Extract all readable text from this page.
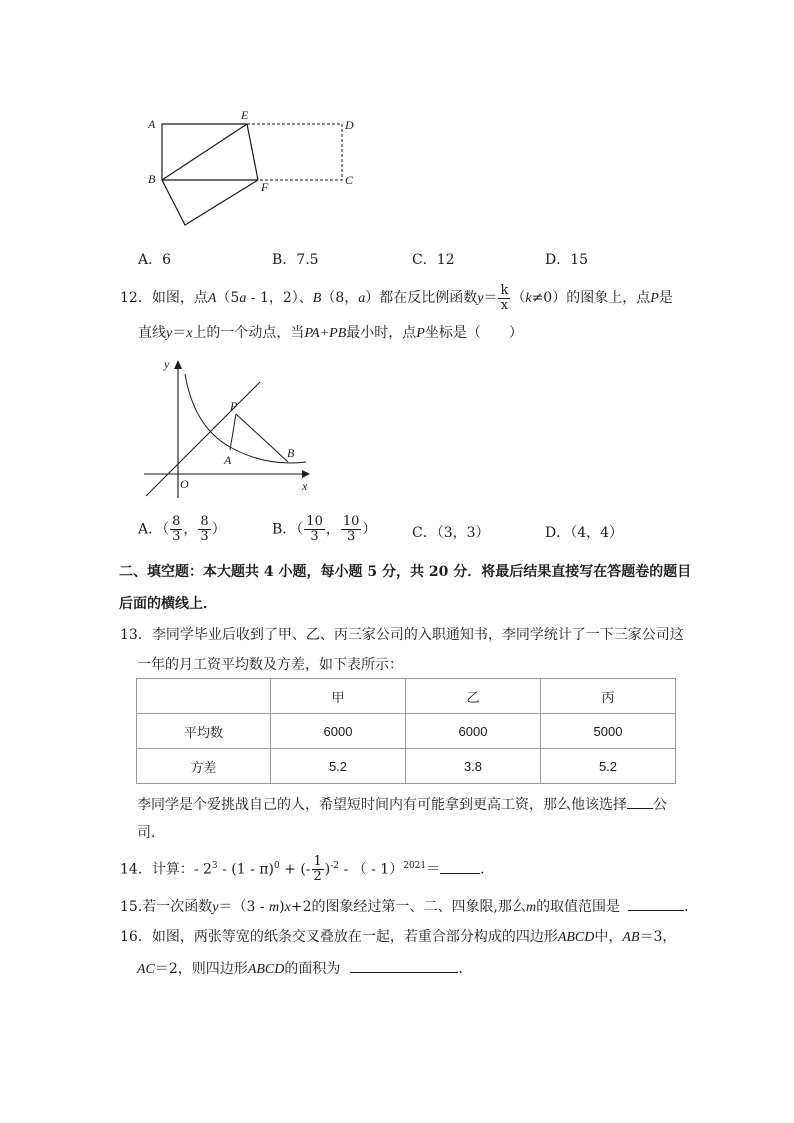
A
E
D
B
F	C
A．6	B．7.5	C．12	D．15
12．如图，点A（5a - 1，2）、B（8，a）都在反比例函数$y= \frac{k}{x} (k\ne 0)$的图象上，点P是
直线y＝x上的一个动点，当PA+PB最小时，点P坐标是（　　）
y
P
A	B
O	x
A．（ $\frac{8}{3}$ ， $\frac{8}{3}$ ）	B．（ $\frac{10}{3}$ ， $\frac{10}{3}$ ）	C．（3，3）	D．（4，4）
二、填空题：本大题共 4 小题，每小题 5 分，共 20 分．将最后结果直接写在答题卷的题目
后面的横线上．
13．李同学毕业后收到了甲、乙、丙三家公司的入职通知书，李同学统计了一下三家公司这
一年的月工资平均数及方差，如下表所示：
	甲	乙	丙
平均数	6000	6000	5000
方差	5.2	3.8	5.2
李同学是个爱挑战自己的人，希望短时间内有可能拿到更高工资，那么他该选择 公
司．
14．计算：- $2^3 - (1 - \pi)^0$ + (- $\frac{1}{2} )^{-2}$ - （ - 1）$^{2021}$＝	．
15.若一次函数y＝（3 - m)x+2的图象经过第一、二、四象限,那么m的取值范围是	．
16．如图，两张等宽的纸条交叉叠放在一起，若重合部分构成的四边形ABCD中，AB＝3，
AC＝2，则四边形ABCD的面积为	．
